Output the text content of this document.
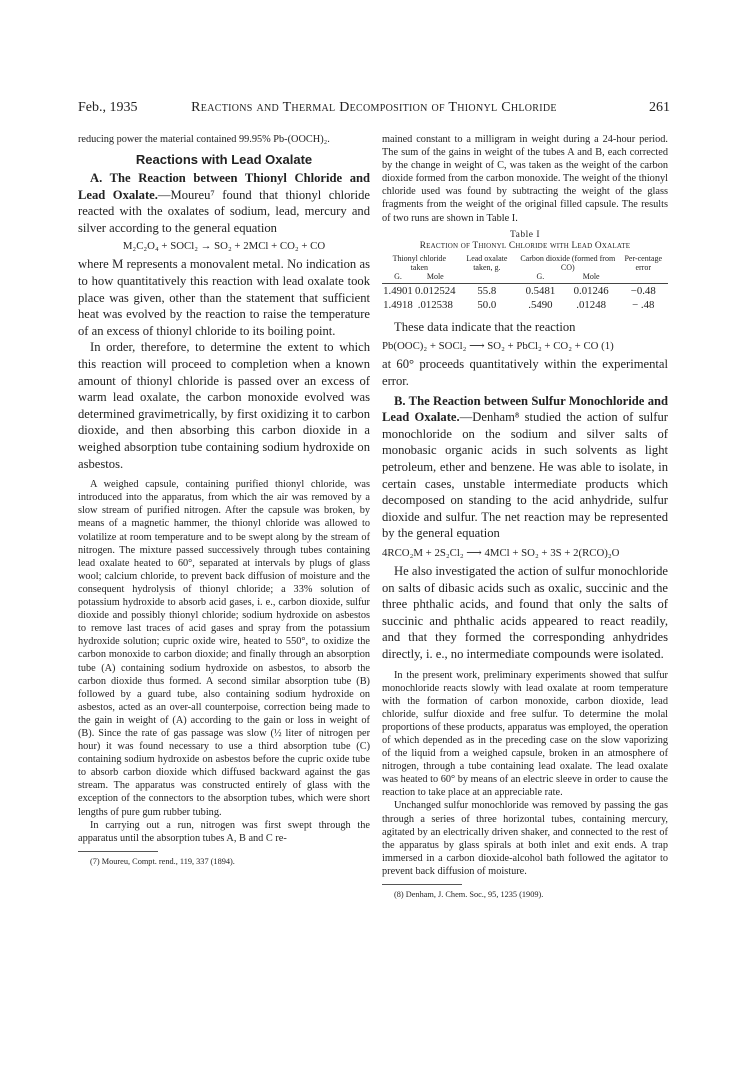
Feb., 1935	Reactions and Thermal Decomposition of Thionyl Chloride	261

reducing power the material contained 99.95% Pb-(OOCH)₂.

Reactions with Lead Oxalate

A. The Reaction between Thionyl Chloride and Lead Oxalate.—Moureu⁷ found that thionyl chloride reacted with the oxalates of sodium, lead, mercury and silver according to the general equation

M₂C₂O₄ + SOCl₂ → SO₂ + 2MCl + CO₂ + CO

where M represents a monovalent metal. No indication as to how quantitatively this reaction with lead oxalate took place was given, other than the statement that sufficient heat was evolved by the reaction to raise the temperature of an excess of thionyl chloride to its boiling point.

In order, therefore, to determine the extent to which this reaction will proceed to completion when a known amount of thionyl chloride is passed over an excess of warm lead oxalate, the carbon monoxide evolved was determined gravimetrically, by first oxidizing it to carbon dioxide, and then absorbing this carbon dioxide in a weighed absorption tube containing sodium hydroxide on asbestos.

A weighed capsule, containing purified thionyl chloride, was introduced into the apparatus, from which the air was removed by a slow stream of purified nitrogen. After the capsule was broken, by means of a magnetic hammer, the thionyl chloride was allowed to volatilize at room temperature and to be swept along by the stream of nitrogen. The mixture passed successively through tubes containing lead oxalate heated to 60°, separated at intervals by plugs of glass wool; calcium chloride, to prevent back diffusion of moisture and the consequent hydrolysis of thionyl chloride; a 33% solution of potassium hydroxide to absorb acid gases, i. e., carbon dioxide, sulfur dioxide and possibly thionyl chloride; sodium hydroxide on asbestos to remove last traces of acid gases and spray from the potassium hydroxide solution; cupric oxide wire, heated to 550°, to oxidize the carbon monoxide to carbon dioxide; and finally through an absorption tube (A) containing sodium hydroxide on asbestos, to absorb the carbon dioxide thus formed. A second similar absorption tube (B) followed by a guard tube, also containing sodium hydroxide on asbestos, acted as an over-all counterpoise, correction being made to the gain in weight of (A) according to the gain or loss in weight of (B). Since the rate of gas passage was slow (½ liter of nitrogen per hour) it was found necessary to use a third absorption tube (C) containing sodium hydroxide on asbestos before the cupric oxide tube to absorb carbon dioxide which diffused backward against the gas stream. The apparatus was constructed entirely of glass with the exception of the connectors to the absorption tubes, which were short lengths of pure gum rubber tubing.

In carrying out a run, nitrogen was first swept through the apparatus until the absorption tubes A, B and C re-

(7) Moureu, Compt. rend., 119, 337 (1894).

mained constant to a milligram in weight during a 24-hour period. The sum of the gains in weight of the tubes A and B, each corrected by the change in weight of C, was taken as the weight of the carbon dioxide formed from the carbon monoxide. The weight of the thionyl chloride used was found by subtracting the weight of the glass fragments from the weight of the original filled capsule. The results of two runs are shown in Table I.

Table I
Reaction of Thionyl Chloride with Lead Oxalate
Thionyl chloride taken		Lead oxalate taken, g.	Carbon dioxide (formed from CO)		Per-centage error
G.	Mole		G.	Mole	
1.4901	0.012524	55.8	0.5481	0.01246	−0.48
1.4918	.012538	50.0	.5490	.01248	− .48

These data indicate that the reaction

Pb(OOC)₂ + SOCl₂ ⟶ SO₂ + PbCl₂ + CO₂ + CO (1)

at 60° proceeds quantitatively within the experimental error.

B. The Reaction between Sulfur Monochloride and Lead Oxalate.—Denham⁸ studied the action of sulfur monochloride on the sodium and silver salts of monobasic organic acids in such solvents as light petroleum, ether and benzene. He was able to isolate, in certain cases, unstable intermediate products which decomposed on standing to the acid anhydride, sulfur dioxide and sulfur. The net reaction may be represented by the general equation

4RCO₂M + 2S₂Cl₂ ⟶ 4MCl + SO₂ + 3S + 2(RCO)₂O

He also investigated the action of sulfur monochloride on salts of dibasic acids such as oxalic, succinic and the three phthalic acids, and found that only the salts of succinic and phthalic acids appeared to react readily, and that they formed the corresponding anhydrides directly, i. e., no intermediate compounds were isolated.

In the present work, preliminary experiments showed that sulfur monochloride reacts slowly with lead oxalate at room temperature with the formation of carbon monoxide, carbon dioxide, lead chloride, sulfur dioxide and free sulfur. To determine the molal proportions of these products, apparatus was employed, the operation of which depended as in the preceding case on the slow vaporizing of the liquid from a weighed capsule, broken in an atmosphere of nitrogen, through a tube containing lead oxalate. The lead oxalate was heated to 60° by means of an electric sleeve in order to cause the reaction to take place at an appreciable rate.

Unchanged sulfur monochloride was removed by passing the gas through a series of three horizontal tubes, containing mercury, agitated by an electrically driven shaker, and connected to the rest of the apparatus by glass spirals at both inlet and exit ends. A trap immersed in a carbon dioxide-alcohol bath followed the agitator to prevent back diffusion of moisture.

(8) Denham, J. Chem. Soc., 95, 1235 (1909).
